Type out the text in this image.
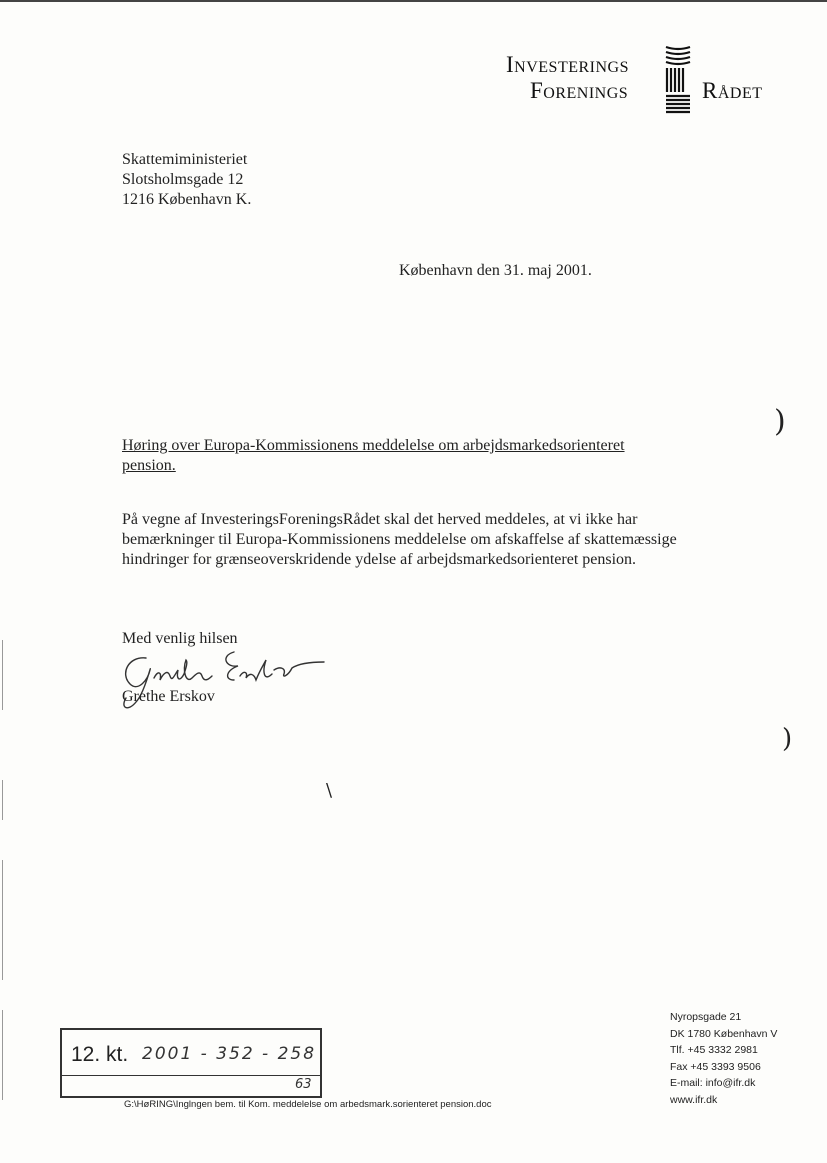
Investerings
Forenings	Rådet
Skattemiministeriet
Slotsholmsgade 12
1216 København K.
København den 31. maj 2001.
Høring over Europa-Kommissionens meddelelse om arbejdsmarkedsorienteret pension.
På vegne af InvesteringsForeningsRådet skal det herved meddeles, at vi ikke har bemærkninger til Europa-Kommissionens meddelelse om afskaffelse af skattemæssige hindringer for grænseoverskridende ydelse af arbejdsmarkedsorienteret pension.
Med venlig hilsen
Grethe Erskov
)
)
\
12. kt. 2001 - 352 - 258
63
G:\HøRING\Inglngen bem. til Kom. meddelelse om arbedsmark.sorienteret pension.doc
Nyropsgade 21
DK 1780 København V
Tlf. +45 3332 2981
Fax +45 3393 9506
E-mail: info@ifr.dk
www.ifr.dk
